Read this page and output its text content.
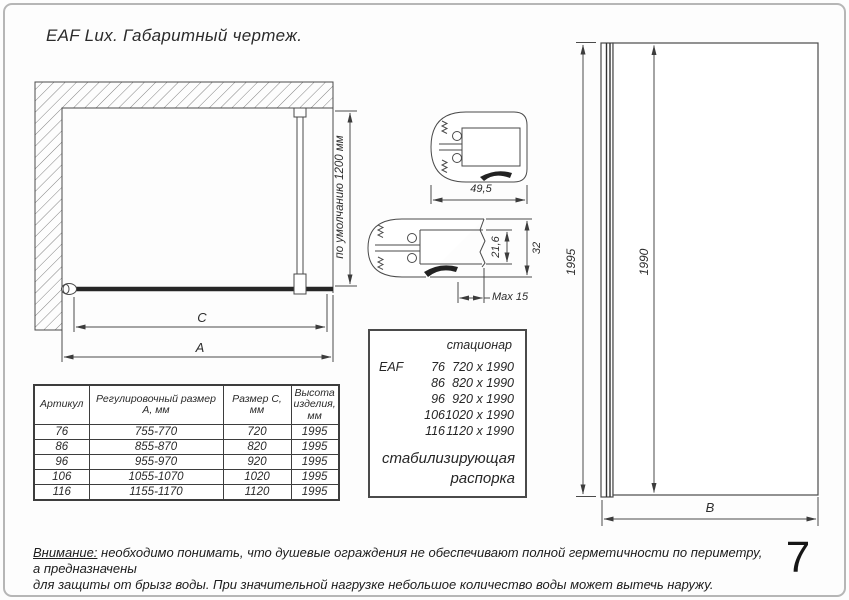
EAF Lux. Габаритный чертеж.
по умолчанию 1200 мм
C
A
49,5
21,6	32
Max 15
1995	1990
B
Артикул	Регулировочный размер А, мм	Размер С, мм	Высота изделия, мм
76	755-770	720	1995
86	855-870	820	1995
96	955-970	920	1995
106	1055-1070	1020	1995
116	1155-1170	1120	1995
стационар
EAF	76 720 x 1990
86 820 x 1990
96 920 x 1990
106 1020 x 1990
116 1120 x 1990
стабилизирующая
распорка
Внимание: необходимо понимать, что душевые ограждения не обеспечивают полной герметичности по периметру, а предназначены
для защиты от брызг воды. При значительной нагрузке небольшое количество воды может вытечь наружу.
7
